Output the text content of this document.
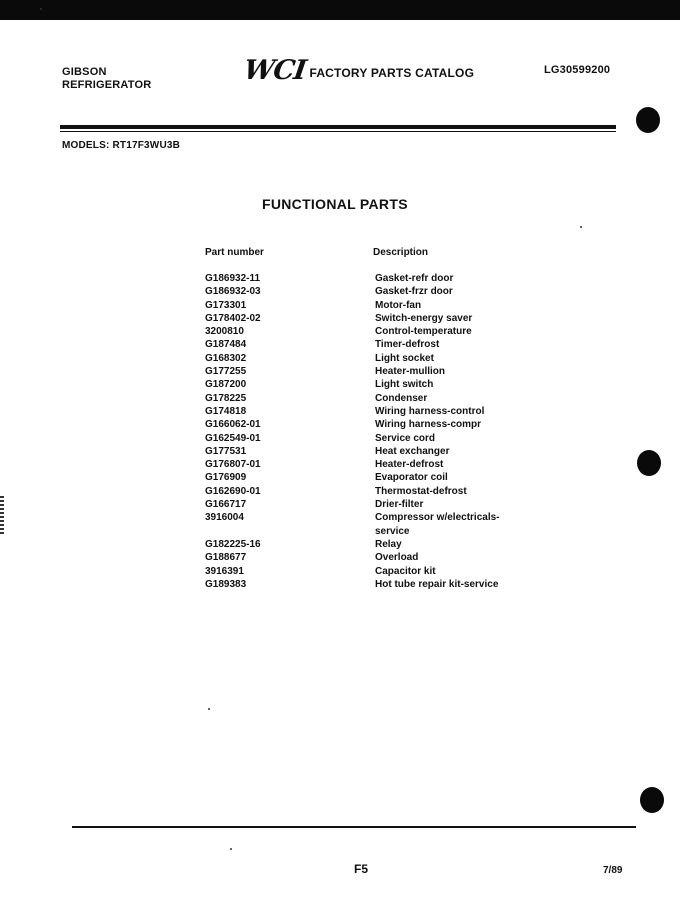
GIBSON
REFRIGERATOR	WCI FACTORY PARTS CATALOG	LG30599200
MODELS: RT17F3WU3B
FUNCTIONAL PARTS
Part number	Description
G186932-11	Gasket-refr door
G186932-03	Gasket-frzr door
G173301	Motor-fan
G178402-02	Switch-energy saver
3200810	Control-temperature
G187484	Timer-defrost
G168302	Light socket
G177255	Heater-mullion
G187200	Light switch
G178225	Condenser
G174818	Wiring harness-control
G166062-01	Wiring harness-compr
G162549-01	Service cord
G177531	Heat exchanger
G176807-01	Heater-defrost
G176909	Evaporator coil
G162690-01	Thermostat-defrost
G166717	Drier-filter
3916004	Compressor w/electricals-service
G182225-16	Relay
G188677	Overload
3916391	Capacitor kit
G189383	Hot tube repair kit-service
F5	7/89
